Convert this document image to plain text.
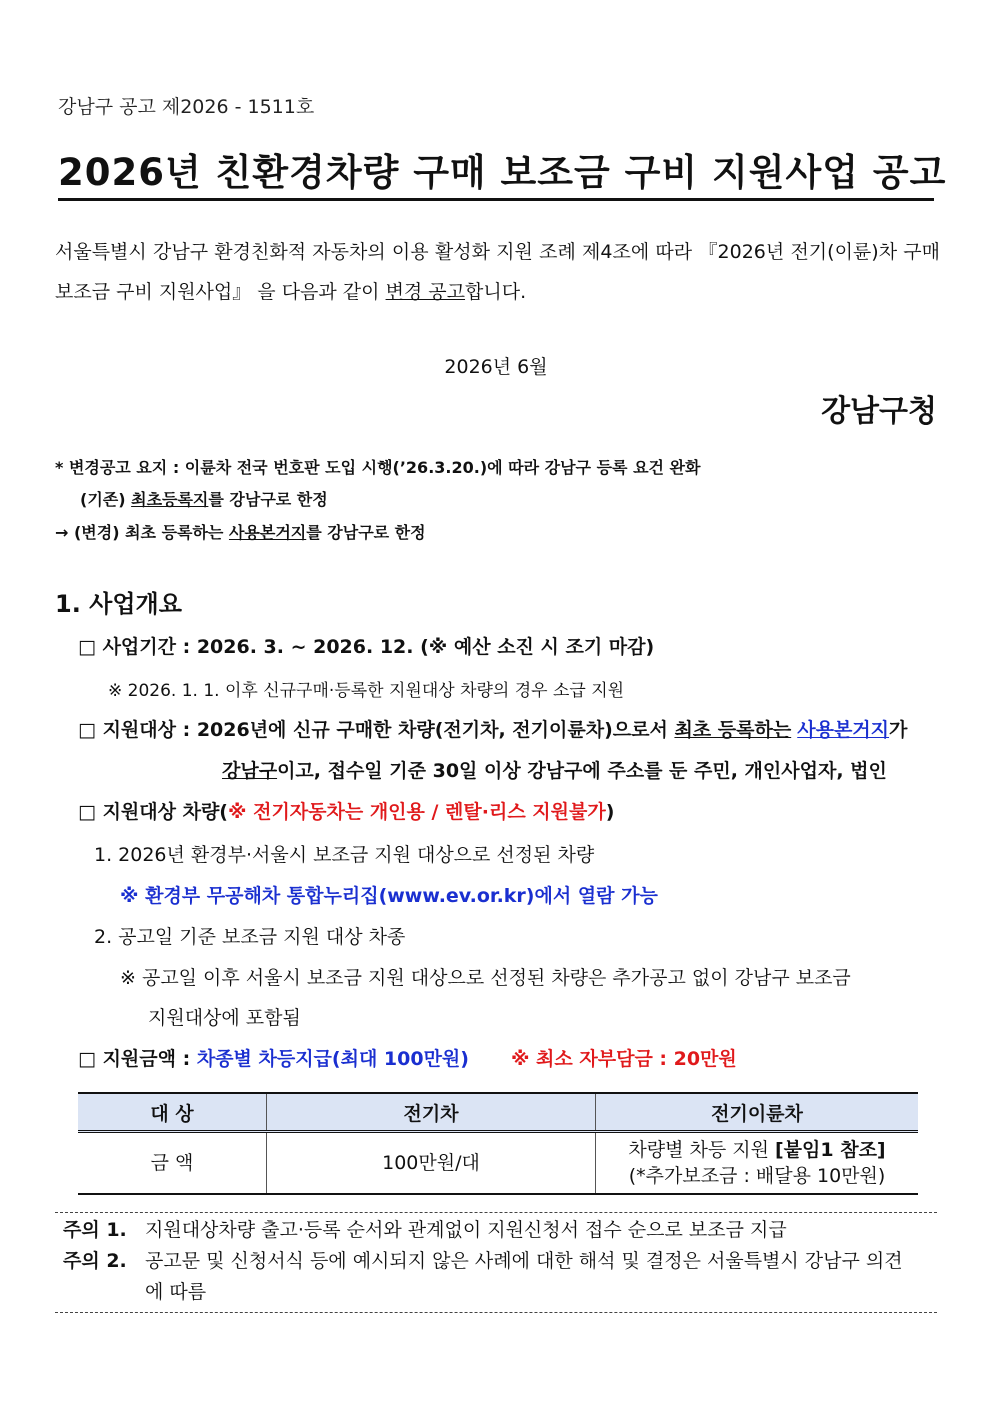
강남구 공고 제2026 - 1511호
2026년 친환경차량 구매 보조금 구비 지원사업 공고
서울특별시 강남구 환경친화적 자동차의 이용 활성화 지원 조례 제4조에 따라 『2026년 전기(이륜)차 구매 보조금 구비 지원사업』 을 다음과 같이 변경 공고합니다.
2026년 6월
강남구청
* 변경공고 요지 : 이륜차 전국 번호판 도입 시행(’26.3.20.)에 따라 강남구 등록 요건 완화
(기존) 최초등록지를 강남구로 한정
→ (변경) 최초 등록하는 사용본거지를 강남구로 한정
1. 사업개요
□ 사업기간 : 2026. 3. ~ 2026. 12. (※ 예산 소진 시 조기 마감)
※ 2026. 1. 1. 이후 신규구매·등록한 지원대상 차량의 경우 소급 지원
□ 지원대상 : 2026년에 신규 구매한 차량(전기차, 전기이륜차)으로서 최초 등록하는 사용본거지가
강남구이고, 접수일 기준 30일 이상 강남구에 주소를 둔 주민, 개인사업자, 법인
□ 지원대상 차량(※ 전기자동차는 개인용 / 렌탈·리스 지원불가)
1. 2026년 환경부·서울시 보조금 지원 대상으로 선정된 차량
※ 환경부 무공해차 통합누리집(www.ev.or.kr)에서 열람 가능
2. 공고일 기준 보조금 지원 대상 차종
※ 공고일 이후 서울시 보조금 지원 대상으로 선정된 차량은 추가공고 없이 강남구 보조금
지원대상에 포함됨
□ 지원금액 : 차종별 차등지급(최대 100만원) ※ 최소 자부담금 : 20만원
대 상	전기차	전기이륜차
금 액	100만원/대	차량별 차등 지원 [붙임1 참조]
(*추가보조금 : 배달용 10만원)
주의 1. 지원대상차량 출고·등록 순서와 관계없이 지원신청서 접수 순으로 보조금 지급
주의 2. 공고문 및 신청서식 등에 예시되지 않은 사례에 대한 해석 및 결정은 서울특별시 강남구 의견에 따름
